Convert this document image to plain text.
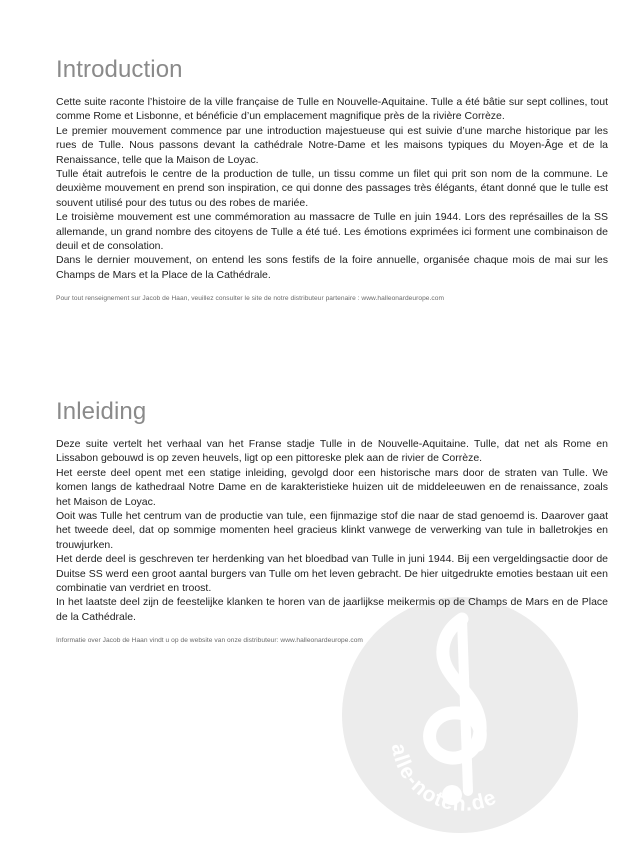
alle-noten.de
Introduction

Cette suite raconte l’histoire de la ville française de Tulle en Nouvelle-Aquitaine. Tulle a été bâtie sur sept collines, tout comme Rome et Lisbonne, et bénéficie d’un emplacement magnifique près de la rivière Corrèze.

Le premier mouvement commence par une introduction majestueuse qui est suivie d’une marche historique par les rues de Tulle. Nous passons devant la cathédrale Notre-Dame et les maisons typiques du Moyen-Âge et de la Renaissance, telle que la Maison de Loyac.

Tulle était autrefois le centre de la production de tulle, un tissu comme un filet qui prit son nom de la commune. Le deuxième mouvement en prend son inspiration, ce qui donne des passages très élégants, étant donné que le tulle est souvent utilisé pour des tutus ou des robes de mariée.

Le troisième mouvement est une commémoration au massacre de Tulle en juin 1944. Lors des représailles de la SS allemande, un grand nombre des citoyens de Tulle a été tué. Les émotions exprimées ici forment une combinaison de deuil et de consolation.

Dans le dernier mouvement, on entend les sons festifs de la foire annuelle, organisée chaque mois de mai sur les Champs de Mars et la Place de la Cathédrale.

Pour tout renseignement sur Jacob de Haan, veuillez consulter le site de notre distributeur partenaire : www.halleonardeurope.com
Inleiding

Deze suite vertelt het verhaal van het Franse stadje Tulle in de Nouvelle-Aquitaine. Tulle, dat net als Rome en Lissabon gebouwd is op zeven heuvels, ligt op een pittoreske plek aan de rivier de Corrèze.

Het eerste deel opent met een statige inleiding, gevolgd door een historische mars door de straten van Tulle. We komen langs de kathedraal Notre Dame en de karakteristieke huizen uit de middeleeuwen en de renaissance, zoals het Maison de Loyac.

Ooit was Tulle het centrum van de productie van tule, een fijnmazige stof die naar de stad genoemd is. Daarover gaat het tweede deel, dat op sommige momenten heel gracieus klinkt vanwege de verwerking van tule in balletrokjes en trouwjurken.

Het derde deel is geschreven ter herdenking van het bloedbad van Tulle in juni 1944. Bij een vergeldingsactie door de Duitse SS werd een groot aantal burgers van Tulle om het leven gebracht. De hier uitgedrukte emoties bestaan uit een combinatie van verdriet en troost.

In het laatste deel zijn de feestelijke klanken te horen van de jaarlijkse meikermis op de Champs de Mars en de Place de la Cathédrale.

Informatie over Jacob de Haan vindt u op de website van onze distributeur: www.halleonardeurope.com
